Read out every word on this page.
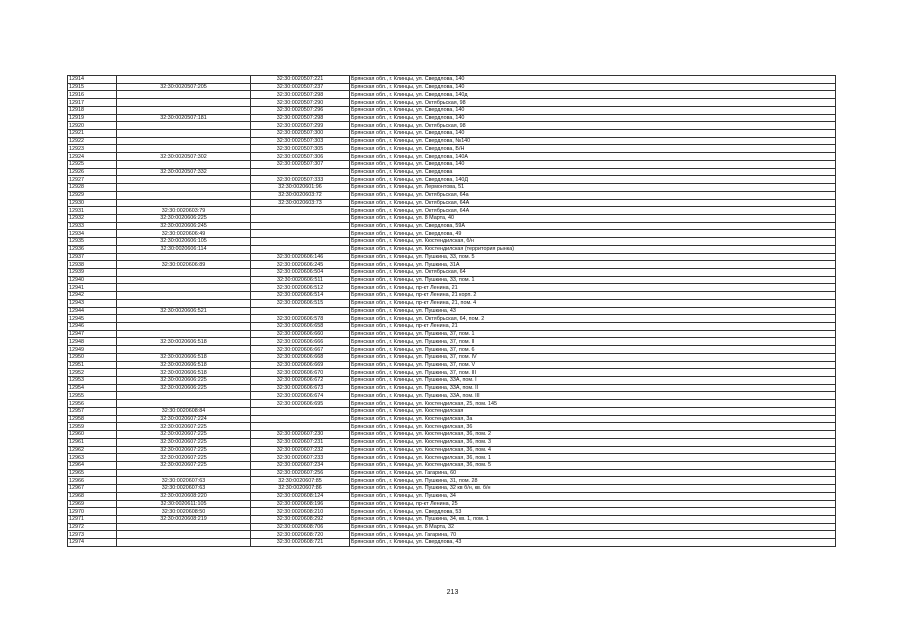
12914		32:30:0020507:221	Брянская обл., г. Клинцы, ул. Свердлова, 140
12915	32:30:0020507:205	32:30:0020507:237	Брянская обл., г. Клинцы, ул. Свердлова, 140
12916		32:30:0020507:298	Брянская обл., г. Клинцы, ул. Свердлова, 140д
12917		32:30:0020507:290	Брянская обл., г. Клинцы, ул. Октябрьская, 98
12918		32:30:0020507:296	Брянская обл., г. Клинцы, ул. Свердлова, 140
12919	32:30:0020507:181	32:30:0020507:298	Брянская обл., г. Клинцы, ул. Свердлова, 140
12920		32:30:0020507:299	Брянская обл., г. Клинцы, ул. Октябрьская, 98
12921		32:30:0020507:300	Брянская обл., г. Клинцы, ул. Свердлова, 140
12922		32:30:0020507:303	Брянская обл., г. Клинцы, ул. Свердлова, №140
12923		32:30:0020507:305	Брянская обл., г. Клинцы, ул. Свердлова, Б/Н
12924	32:30:0020507:302	32:30:0020507:306	Брянская обл., г. Клинцы, ул. Свердлова, 140А
12925		32:30:0020507:307	Брянская обл., г. Клинцы, ул. Свердлова, 140
12926	32:30:0020507:332		Брянская обл., г. Клинцы, ул. Свердлова
12927		32:30:0020507:333	Брянская обл., г. Клинцы, ул. Свердлова, 140Д
12928		32:30:0020601:96	Брянская обл., г. Клинцы, ул. Лермонтова, 51
12929		32:30:0020603:72	Брянская обл., г. Клинцы, ул. Октябрьская, 64а
12930		32:30:0020603:73	Брянская обл., г. Клинцы, ул. Октябрьская, 64А
12931	32:30:0020603:79		Брянская обл., г. Клинцы, ул. Октябрьская, 64А
12932	32:30:0020606:225		Брянская обл., г. Клинцы, ул. 8 Марта, 40
12933	32:30:0020606:245		Брянская обл., г. Клинцы, ул. Свердлова, 59А
12934	32:30:0020606:49		Брянская обл., г. Клинцы, ул. Свердлова, 49
12935	32:30:0020606:105		Брянская обл., г. Клинцы, ул. Кюстендилская, б/н
12936	32:30:0020606:114		Брянская обл., г. Клинцы, ул. Кюстендилская (территория рынка)
12937		32:30:0020606:146	Брянская обл., г. Клинцы, ул. Пушкина, 33, пом. 5
12938	32:30:0020606:89	32:30:0020606:245	Брянская обл., г. Клинцы, ул. Пушкина, 31А
12939		32:30:0020606:504	Брянская обл., г. Клинцы, ул. Октябрьская, 64
12940		32:30:0020606:511	Брянская обл., г. Клинцы, ул. Пушкина, 33, пом. 1
12941		32:30:0020606:512	Брянская обл., г. Клинцы, пр-кт Ленина, 21
12942		32:30:0020606:514	Брянская обл., г. Клинцы, пр-кт Ленина, 21 корп. 2
12943		32:30:0020606:515	Брянская обл., г. Клинцы, пр-кт Ленина, 21, пом. 4
12944	32:30:0020606:521		Брянская обл., г. Клинцы, ул. Пушкина, 43
12945		32:30:0020606:578	Брянская обл., г. Клинцы, ул. Октябрьская, 64, пом. 2
12946		32:30:0020606:658	Брянская обл., г. Клинцы, пр-кт Ленина, 21
12947		32:30:0020606:660	Брянская обл., г. Клинцы, ул. Пушкина, 37, пом. 1
12948	32:30:0020606:518	32:30:0020606:666	Брянская обл., г. Клинцы, ул. Пушкина, 37, пом. II
12949		32:30:0020606:667	Брянская обл., г. Клинцы, ул. Пушкина, 37, пом. 6
12950	32:30:0020606:518	32:30:0020606:668	Брянская обл., г. Клинцы, ул. Пушкина, 37, пом. IV
12951	32:30:0020606:518	32:30:0020606:669	Брянская обл., г. Клинцы, ул. Пушкина, 37, пом. V
12952	32:30:0020606:518	32:30:0020606:670	Брянская обл., г. Клинцы, ул. Пушкина, 37, пом. III
12953	32:30:0020606:225	32:30:0020606:672	Брянская обл., г. Клинцы, ул. Пушкина, 33А, пом. I
12954	32:30:0020606:225	32:30:0020606:673	Брянская обл., г. Клинцы, ул. Пушкина, 33А, пом. II
12955		32:30:0020606:674	Брянская обл., г. Клинцы, ул. Пушкина, 33А, пом. III
12956		32:30:0020606:695	Брянская обл., г. Клинцы, ул. Кюстендилская, 25, пом. 145
12957	32:30:0020608:84		Брянская обл., г. Клинцы, ул. Кюстендилская
12958	32:30:0020607:224		Брянская обл., г. Клинцы, ул. Кюстендилская, 3а
12959	32:30:0020607:225		Брянская обл., г. Клинцы, ул. Кюстендилская, 36
12960	32:30:0020607:225	32:30:0020607:230	Брянская обл., г. Клинцы, ул. Кюстендилская, 36, пом. 2
12961	32:30:0020607:225	32:30:0020607:231	Брянская обл., г. Клинцы, ул. Кюстендилская, 36, пом. 3
12962	32:30:0020607:225	32:30:0020607:232	Брянская обл., г. Клинцы, ул. Кюстендилская, 36, пом. 4
12963	32:30:0020607:225	32:30:0020607:233	Брянская обл., г. Клинцы, ул. Кюстендилская, 36, пом. 1
12964	32:30:0020607:225	32:30:0020607:234	Брянская обл., г. Клинцы, ул. Кюстендилская, 36, пом. 5
12965		32:30:0020607:256	Брянская обл., г. Клинцы, ул. Гагарина, 60
12966	32:30:0020607:63	32:30:0020607:85	Брянская обл., г. Клинцы, ул. Пушкина, 31, пом. 28
12967	32:30:0020607:63	32:30:0020607:86	Брянская обл., г. Клинцы, ул. Пушкина, 32 кв б/н, кв. б/н
12968	32:30:0020608:220	32:30:0020608:124	Брянская обл., г. Клинцы, ул. Пушкина, 34
12969	32:30:0020611:105	32:30:0020608:196	Брянская обл., г. Клинцы, пр-кт Ленина, 25
12970	32:30:0020608:50	32:30:0020608:210	Брянская обл., г. Клинцы, ул. Свердлова, 53
12971	32:30:0020608:219	32:30:0020608:292	Брянская обл., г. Клинцы, ул. Пушкина, 34, кв. 1, пом. 1
12972		32:30:0020608:706	Брянская обл., г. Клинцы, ул. 8 Марта, 32
12973		32:30:0020608:720	Брянская обл., г. Клинцы, ул. Гагарина, 70
12974		32:30:0020608:721	Брянская обл., г. Клинцы, ул. Свердлова, 43
213
